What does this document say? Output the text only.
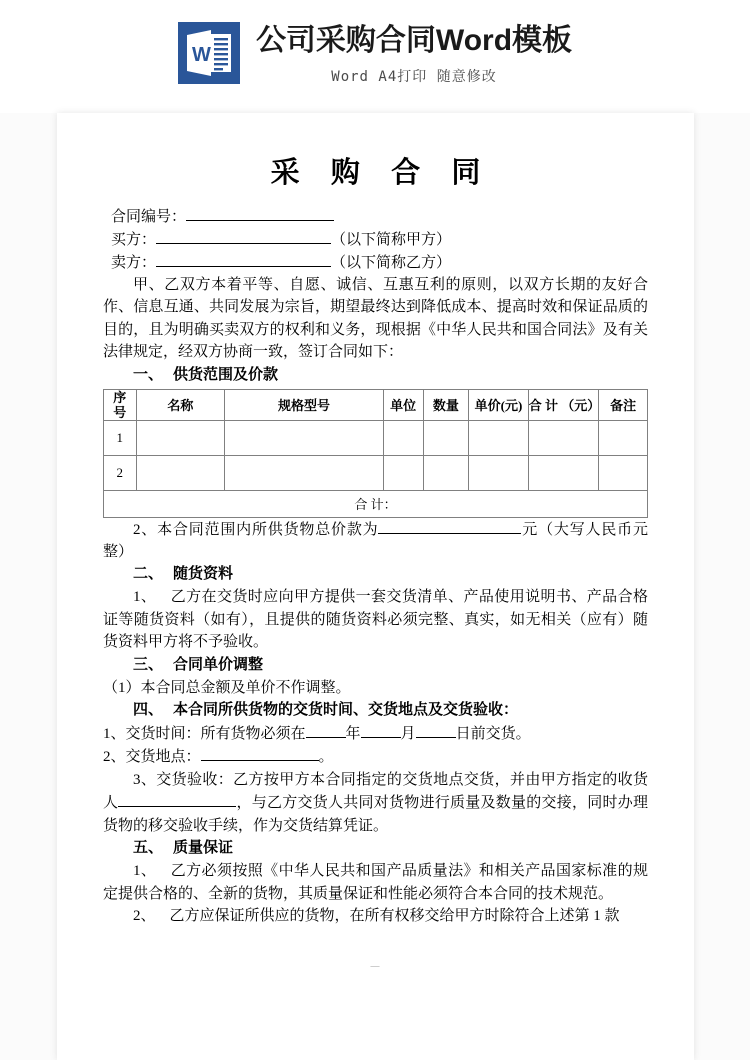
W 公司采购合同Word模板
Word A4打印 随意修改
采 购 合 同
合同编号：
买方：	（以下简称甲方）
卖方：	（以下简称乙方）

甲、乙双方本着平等、自愿、诚信、互惠互利的原则，以双方长期的友好合作、信息互通、共同发展为宗旨，期望最终达到降低成本、提高时效和保证品质的目的，且为明确买卖双方的权利和义务，现根据《中华人民共和国合同法》及有关法律规定，经双方协商一致，签订合同如下：

一、 供货范围及价款

序
号	名称	规格型号	单位	数量	单价(元)	合 计 （元）	备注
1							
2							
合 计：							

2、本合同范围内所供货物总价款为	元（大写人民币元整）

二、 随货资料

1、 乙方在交货时应向甲方提供一套交货清单、产品使用说明书、产品合格证等随货资料（如有），且提供的随货资料必须完整、真实，如无相关（应有）随货资料甲方将不予验收。

三、 合同单价调整

（1）本合同总金额及单价不作调整。

四、 本合同所供货物的交货时间、交货地点及交货验收：

1、交货时间：所有货物必须在	年	月	日前交货。

2、交货地点：	。

3、交货验收：乙方按甲方本合同指定的交货地点交货，并由甲方指定的收货人	，与乙方交货人共同对货物进行质量及数量的交接，同时办理货物的移交验收手续，作为交货结算凭证。

五、 质量保证

1、 乙方必须按照《中华人民共和国产品质量法》和相关产品国家标准的规定提供合格的、全新的货物，其质量保证和性能必须符合本合同的技术规范。

2、 乙方应保证所供应的货物，在所有权移交给甲方时除符合上述第 1 款

—
